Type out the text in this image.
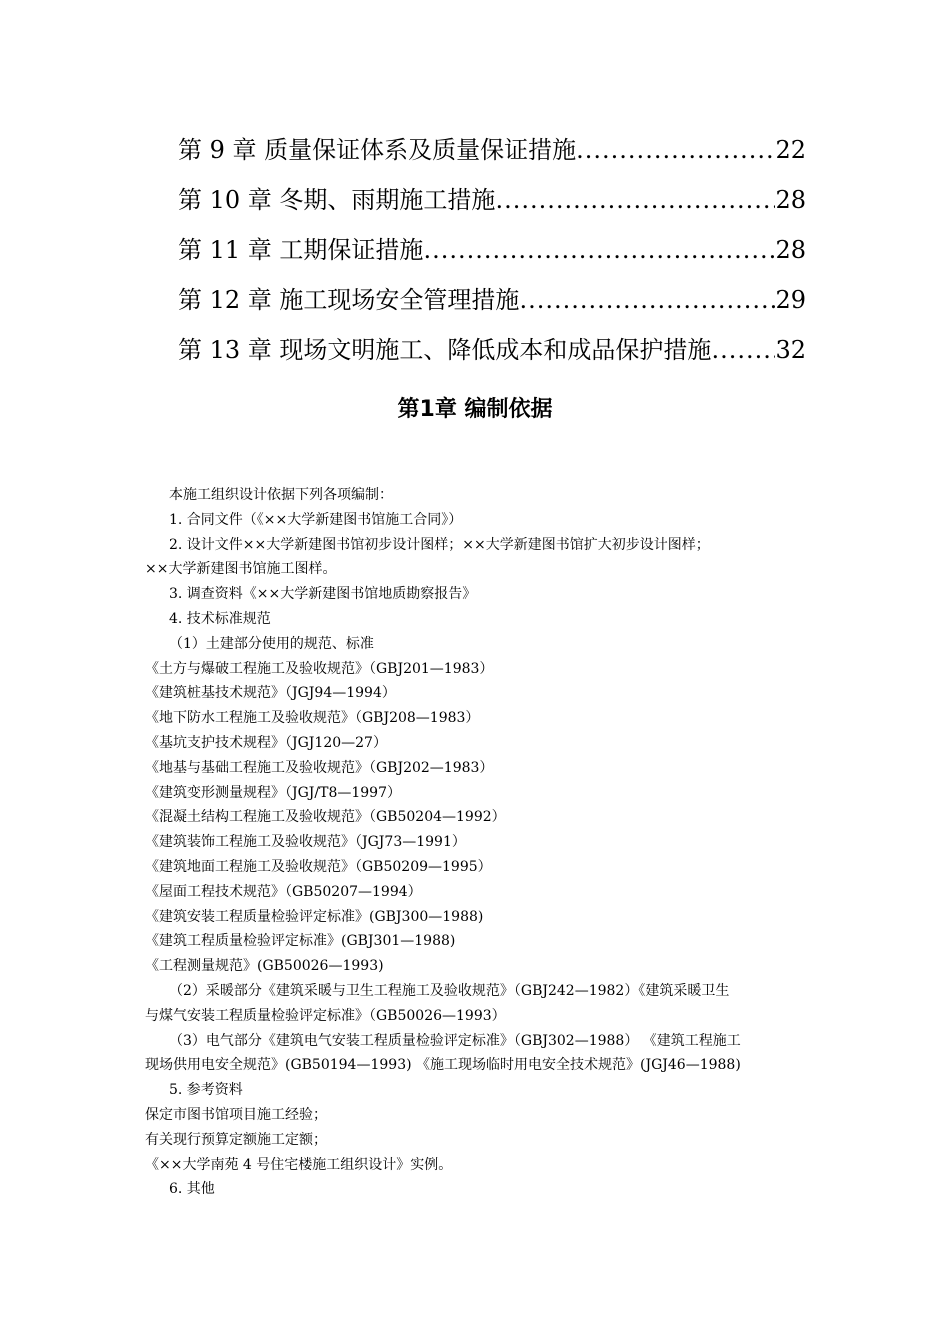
第 9 章 质量保证体系及质量保证措施 .....	22
第 10 章 冬期、雨期施工措施 .....	28
第 11 章 工期保证措施 .....	28
第 12 章 施工现场安全管理措施 .....	29
第 13 章 现场文明施工、降低成本和成品保护措施 .....	32
第1章 编制依据
本施工组织设计依据下列各项编制：
1. 合同文件（《××大学新建图书馆施工合同》）
2. 设计文件××大学新建图书馆初步设计图样；××大学新建图书馆扩大初步设计图样；
××大学新建图书馆施工图样。
3. 调查资料《××大学新建图书馆地质勘察报告》
4. 技术标准规范
（1）土建部分使用的规范、标准
《土方与爆破工程施工及验收规范》（GBJ201—1983）
《建筑桩基技术规范》（JGJ94—1994）
《地下防水工程施工及验收规范》（GBJ208—1983）
《基坑支护技术规程》（JGJ120—27）
《地基与基础工程施工及验收规范》（GBJ202—1983）
《建筑变形测量规程》（JGJ/T8—1997）
《混凝土结构工程施工及验收规范》（GB50204—1992）
《建筑装饰工程施工及验收规范》（JGJ73—1991）
《建筑地面工程施工及验收规范》（GB50209—1995）
《屋面工程技术规范》（GB50207—1994）
《建筑安装工程质量检验评定标准》(GBJ300—1988)
《建筑工程质量检验评定标准》(GBJ301—1988)
《工程测量规范》(GB50026—1993)
（2）采暖部分《建筑采暖与卫生工程施工及验收规范》（GBJ242—1982）《建筑采暖卫生
与煤气安装工程质量检验评定标准》（GB50026—1993）
（3）电气部分《建筑电气安装工程质量检验评定标准》（GBJ302—1988） 《建筑工程施工
现场供用电安全规范》(GB50194—1993) 《施工现场临时用电安全技术规范》(JGJ46—1988)
5. 参考资料
保定市图书馆项目施工经验；
有关现行预算定额施工定额；
《××大学南苑 4 号住宅楼施工组织设计》实例。
6. 其他
